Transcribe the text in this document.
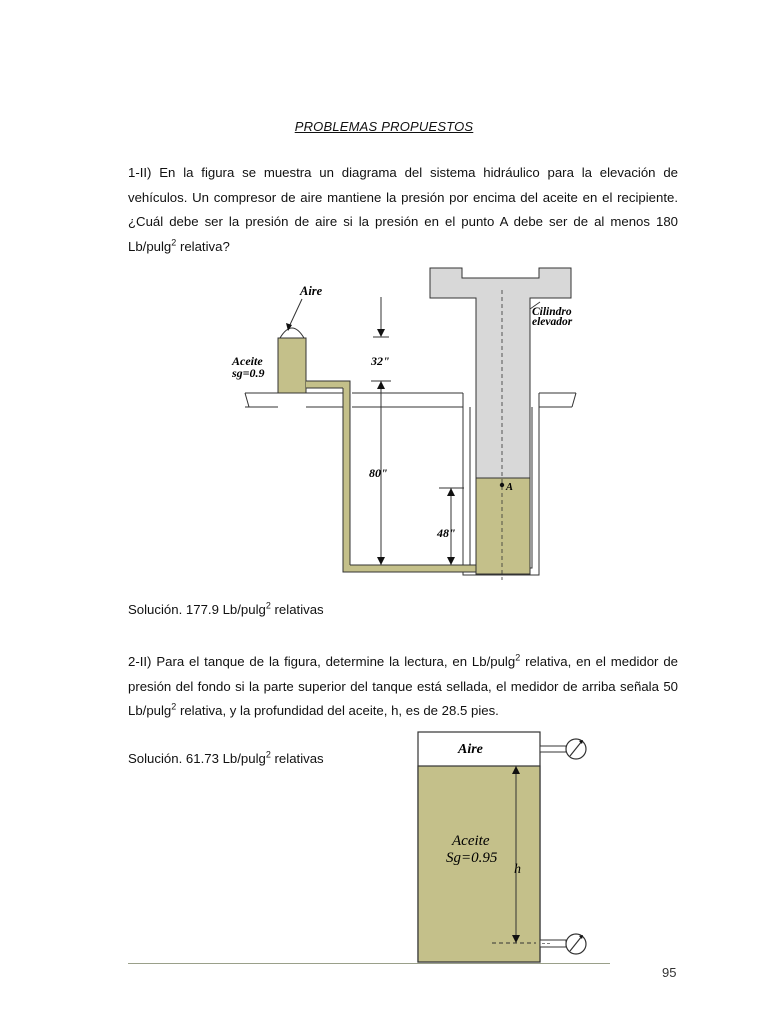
PROBLEMAS PROPUESTOS
1-II) En la figura se muestra un diagrama del sistema hidráulico para la elevación de vehículos. Un compresor de aire mantiene la presión por encima del aceite en el recipiente. ¿Cuál debe ser la presión de aire si la presión en el punto A debe ser de al menos 180 Lb/pulg$^2$ relativa?
Aire
Aceite
sg=0.9
Cilindro
elevador
32"
80"
48"
A
Solución. 177.9 Lb/pulg$^2$ relativas
2-II) Para el tanque de la figura, determine la lectura, en Lb/pulg$^2$ relativa, en el medidor de presión del fondo si la parte superior del tanque está sellada, el medidor de arriba señala 50 Lb/pulg$^2$ relativa, y la profundidad del aceite, h, es de 28.5 pies.
Solución. 61.73 Lb/pulg$^2$ relativas
Aire
Aceite
Sg=0.95
h
95
